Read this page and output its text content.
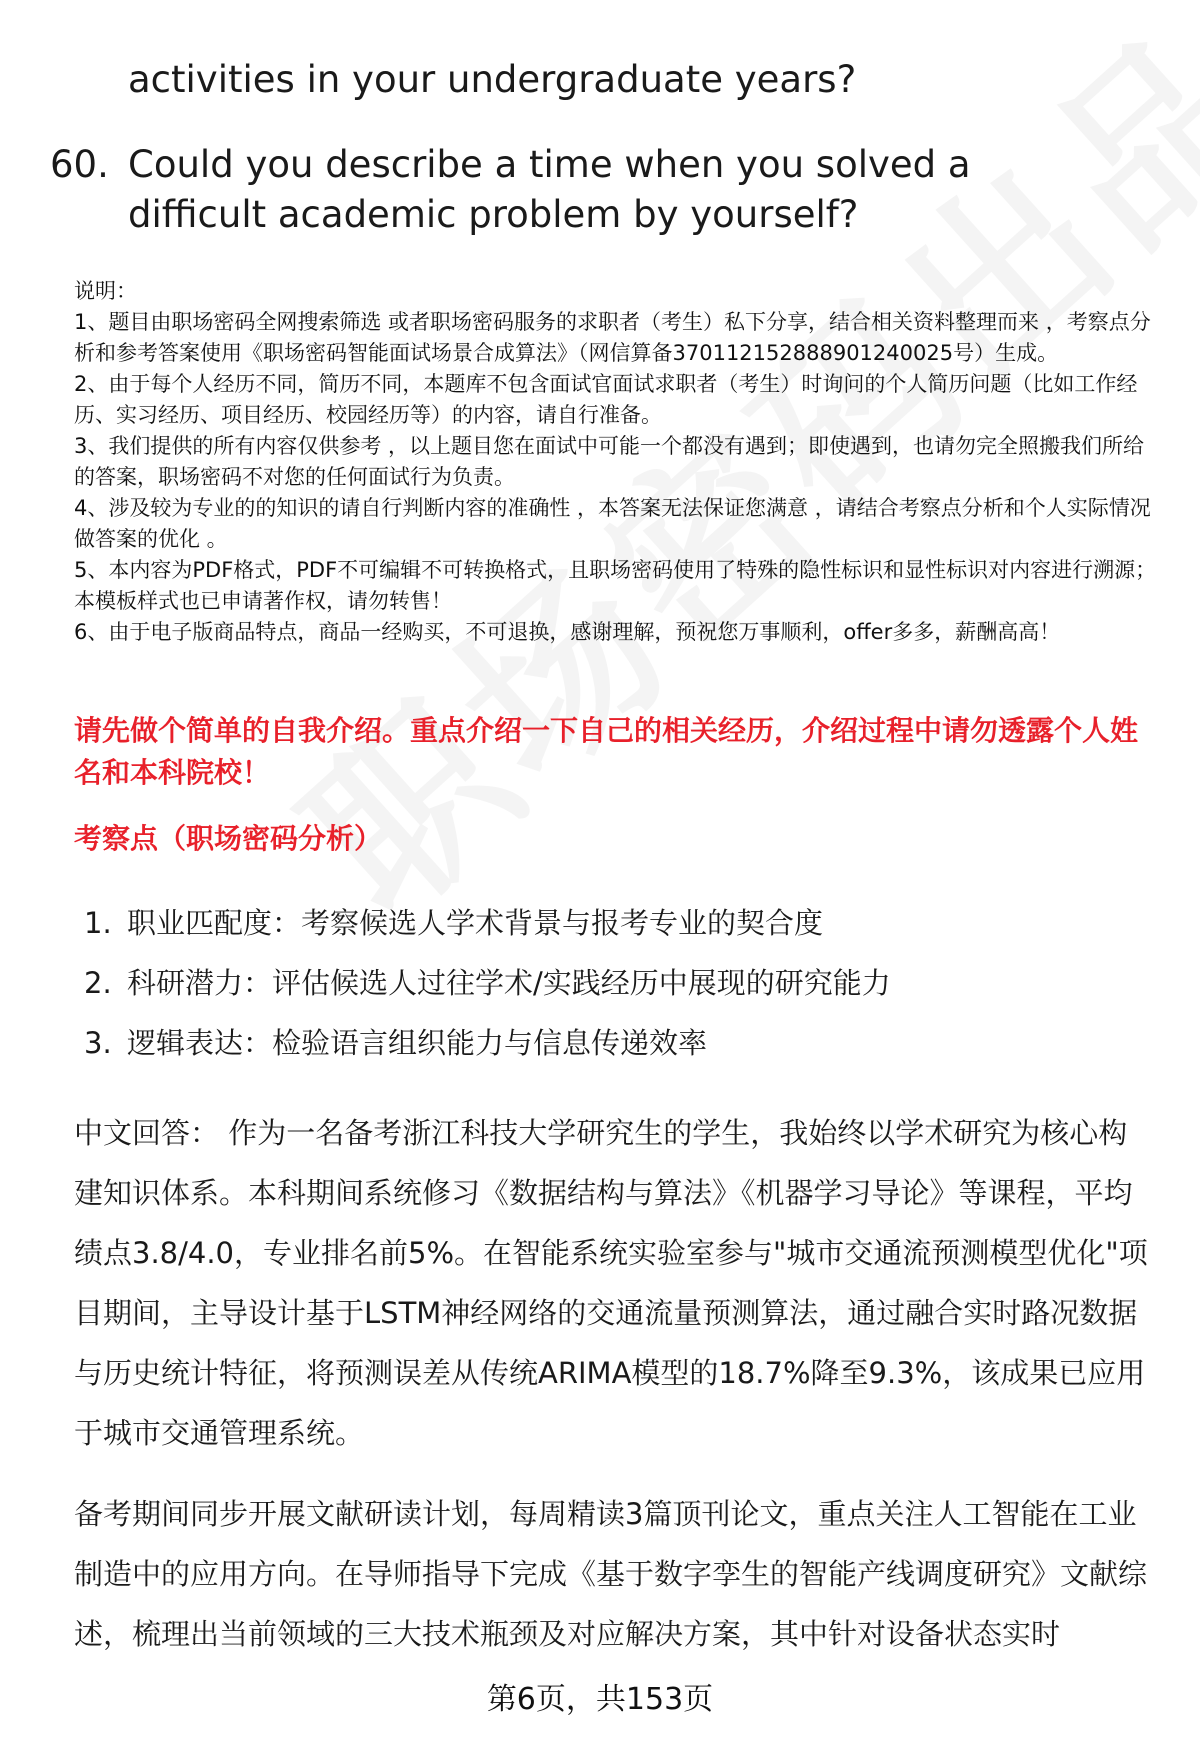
activities in your undergraduate years?
60. Could you describe a time when you solved a difficult academic problem by yourself?
说明：
1、题目由职场密码全网搜索筛选 或者职场密码服务的求职者（考生）私下分享，结合相关资料整理而来 ，考察点分析和参考答案使用《职场密码智能面试场景合成算法》（网信算备370112152888901240025号）生成。
2、由于每个人经历不同，简历不同，本题库不包含面试官面试求职者（考生）时询问的个人简历问题（比如工作经历、实习经历、项目经历、校园经历等）的内容，请自行准备。
3、我们提供的所有内容仅供参考 ，以上题目您在面试中可能一个都没有遇到；即使遇到，也请勿完全照搬我们所给的答案，职场密码不对您的任何面试行为负责。
4、涉及较为专业的的知识的请自行判断内容的准确性 ，本答案无法保证您满意 ，请结合考察点分析和个人实际情况做答案的优化 。
5、本内容为PDF格式，PDF不可编辑不可转换格式，且职场密码使用了特殊的隐性标识和显性标识对内容进行溯源；本模板样式也已申请著作权，请勿转售！
6、由于电子版商品特点，商品一经购买，不可退换，感谢理解，预祝您万事顺利，offer多多，薪酬高高！
请先做个简单的自我介绍。重点介绍一下自己的相关经历，介绍过程中请勿透露个人姓名和本科院校！
考察点（职场密码分析）
1. 职业匹配度：考察候选人学术背景与报考专业的契合度
2. 科研潜力：评估候选人过往学术/实践经历中展现的研究能力
3. 逻辑表达：检验语言组织能力与信息传递效率
中文回答： 作为一名备考浙江科技大学研究生的学生，我始终以学术研究为核心构建知识体系。本科期间系统修习《数据结构与算法》《机器学习导论》等课程，平均绩点3.8/4.0，专业排名前5%。在智能系统实验室参与"城市交通流预测模型优化"项目期间，主导设计基于LSTM神经网络的交通流量预测算法，通过融合实时路况数据与历史统计特征，将预测误差从传统ARIMA模型的18.7%降至9.3%，该成果已应用于城市交通管理系统。
备考期间同步开展文献研读计划，每周精读3篇顶刊论文，重点关注人工智能在工业制造中的应用方向。在导师指导下完成《基于数字孪生的智能产线调度研究》文献综述，梳理出当前领域的三大技术瓶颈及对应解决方案，其中针对设备状态实时
第6页，共153页
